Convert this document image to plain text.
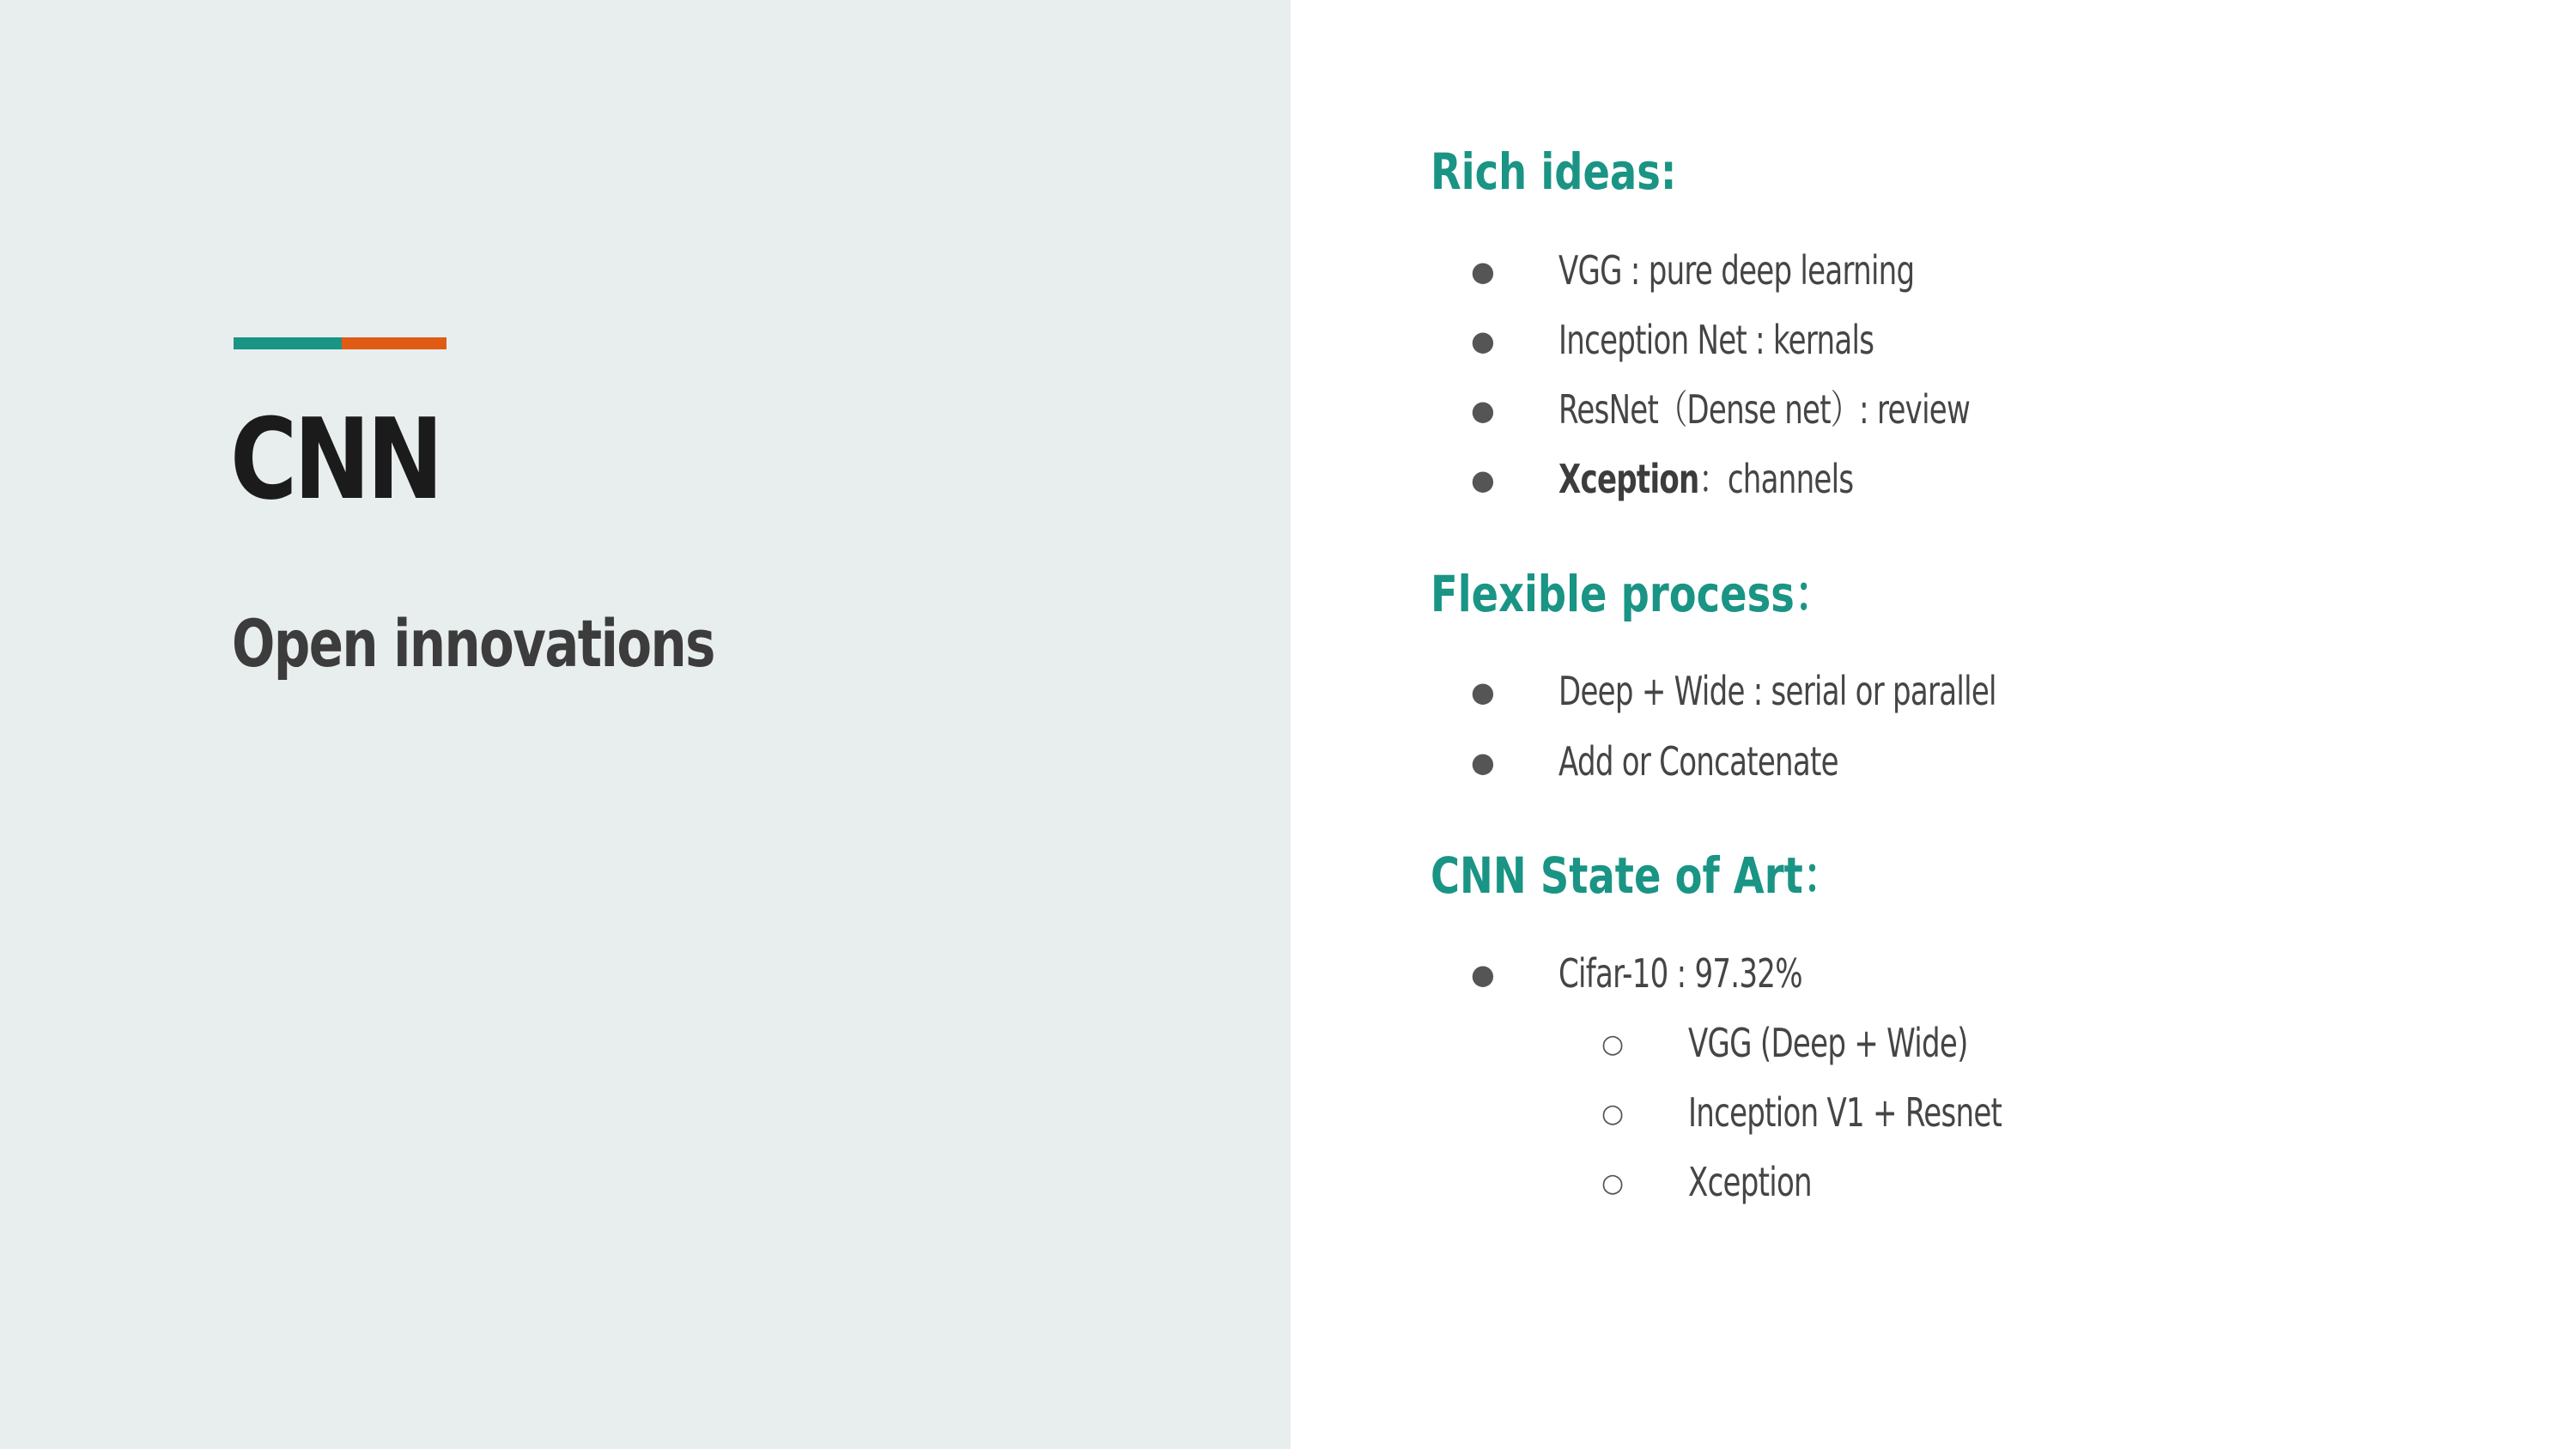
CNN
Open innovations
Rich ideas:
● VGG : pure deep learning
● Inception Net : kernals
● ResNet（Dense net）: review
● Xception：channels
Flexible process：
● Deep + Wide : serial or parallel
● Add or Concatenate
CNN State of Art：
● Cifar-10 : 97.32%
○ VGG (Deep + Wide)
○ Inception V1 + Resnet
○ Xception
